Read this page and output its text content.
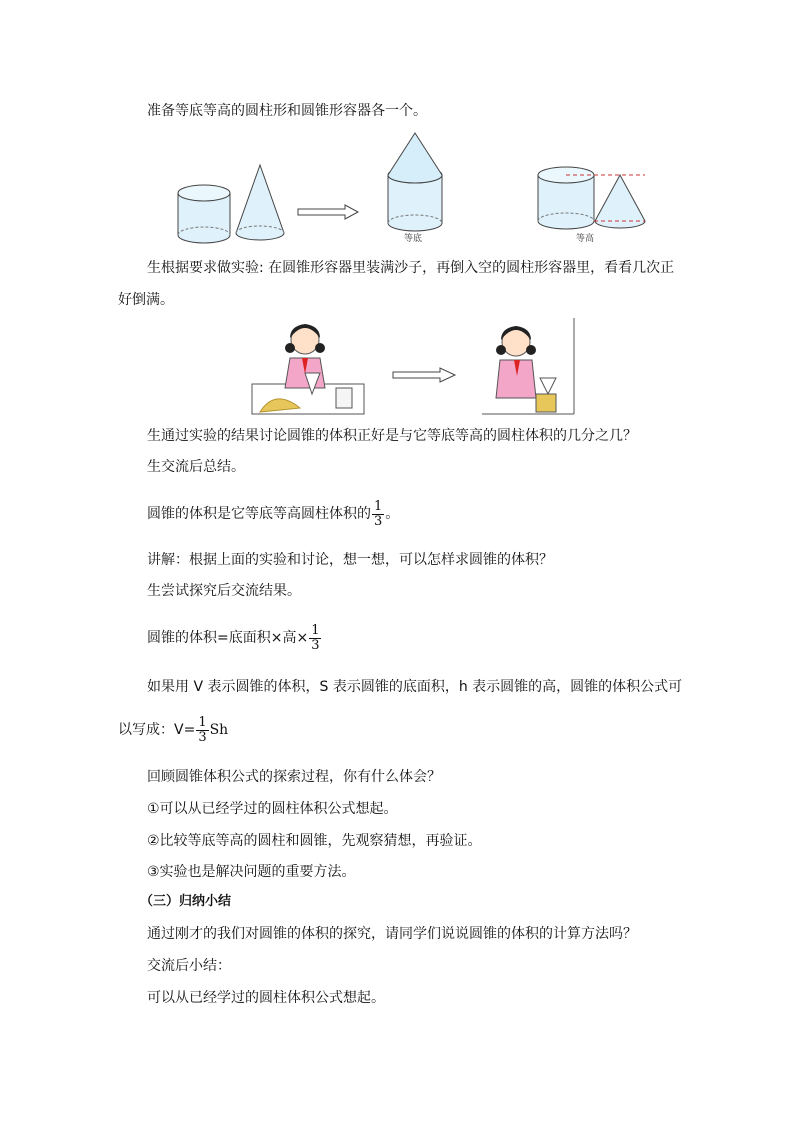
准备等底等高的圆柱形和圆锥形容器各一个。
等底	等高
生根据要求做实验: 在圆锥形容器里装满沙子，再倒入空的圆柱形容器里，看看几次正
好倒满。
生通过实验的结果讨论圆锥的体积正好是与它等底等高的圆柱体积的几分之几？
生交流后总结。
圆锥的体积是它等底等高圆柱体积的 $\frac{1}{3}$ 。
讲解：根据上面的实验和讨论，想一想，可以怎样求圆锥的体积？
生尝试探究后交流结果。
圆锥的体积=底面积×高× $\frac{1}{3}$
如果用 V 表示圆锥的体积，S 表示圆锥的底面积，h 表示圆锥的高，圆锥的体积公式可
以写成：$V= \frac{1}{3}$ Sh
回顾圆锥体积公式的探索过程，你有什么体会？
①可以从已经学过的圆柱体积公式想起。
②比较等底等高的圆柱和圆锥，先观察猜想，再验证。
③实验也是解决问题的重要方法。
（三）归纳小结
通过刚才的我们对圆锥的体积的探究，请同学们说说圆锥的体积的计算方法吗？
交流后小结：
可以从已经学过的圆柱体积公式想起。
